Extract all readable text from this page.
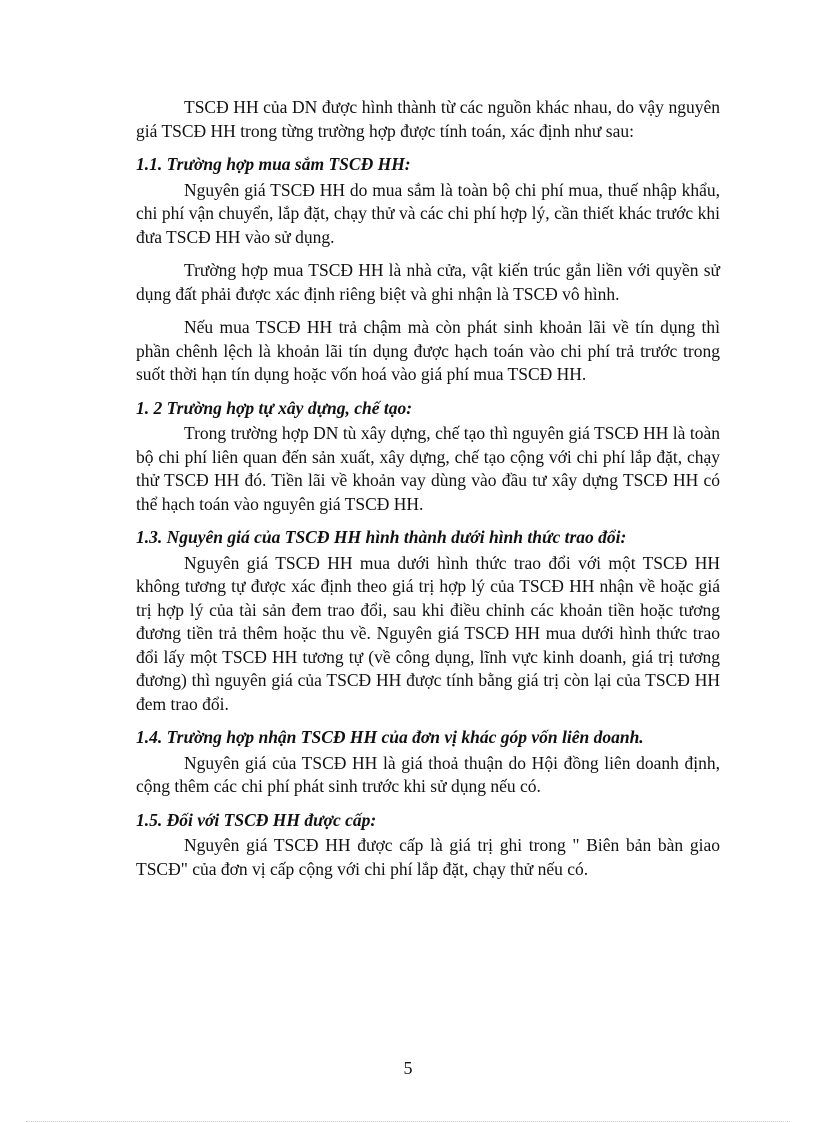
TSCĐ HH của DN được hình thành từ các nguồn khác nhau, do vậy nguyên giá TSCĐ HH trong từng trường hợp được tính toán, xác định như sau:

1.1. Trường hợp mua sắm TSCĐ HH:

Nguyên giá TSCĐ HH do mua sắm là toàn bộ chi phí mua, thuế nhập khẩu, chi phí vận chuyển, lắp đặt, chạy thử và các chi phí hợp lý, cần thiết khác trước khi đưa TSCĐ HH vào sử dụng.

Trường hợp mua TSCĐ HH là nhà cửa, vật kiến trúc gắn liền với quyền sử dụng đất phải được xác định riêng biệt và ghi nhận là TSCĐ vô hình.

Nếu mua TSCĐ HH trả chậm mà còn phát sinh khoản lãi về tín dụng thì phần chênh lệch là khoản lãi tín dụng được hạch toán vào chi phí trả trước trong suốt thời hạn tín dụng hoặc vốn hoá vào giá phí mua TSCĐ HH.

1. 2 Trường hợp tự xây dựng, chế tạo:

Trong trường hợp DN tù xây dựng, chế tạo thì nguyên giá TSCĐ HH là toàn bộ chi phí liên quan đến sản xuất, xây dựng, chế tạo cộng với chi phí lắp đặt, chạy thử TSCĐ HH đó. Tiền lãi về khoản vay dùng vào đầu tư xây dựng TSCĐ HH có thể hạch toán vào nguyên giá TSCĐ HH.

1.3. Nguyên giá của TSCĐ HH hình thành dưới hình thức trao đổi:

Nguyên giá TSCĐ HH mua dưới hình thức trao đổi với một TSCĐ HH không tương tự được xác định theo giá trị hợp lý của TSCĐ HH nhận về hoặc giá trị hợp lý của tài sản đem trao đổi, sau khi điều chỉnh các khoản tiền hoặc tương đương tiền trả thêm hoặc thu về. Nguyên giá TSCĐ HH mua dưới hình thức trao đổi lấy một TSCĐ HH tương tự (về công dụng, lĩnh vực kinh doanh, giá trị tương đương) thì nguyên giá của TSCĐ HH được tính bằng giá trị còn lại của TSCĐ HH đem trao đổi.

1.4. Trường hợp nhận TSCĐ HH của đơn vị khác góp vốn liên doanh.

Nguyên giá của TSCĐ HH là giá thoả thuận do Hội đồng liên doanh định, cộng thêm các chi phí phát sinh trước khi sử dụng nếu có.

1.5. Đối với TSCĐ HH được cấp:

Nguyên giá TSCĐ HH được cấp là giá trị ghi trong " Biên bản bàn giao TSCĐ" của đơn vị cấp cộng với chi phí lắp đặt, chạy thử nếu có.

5
